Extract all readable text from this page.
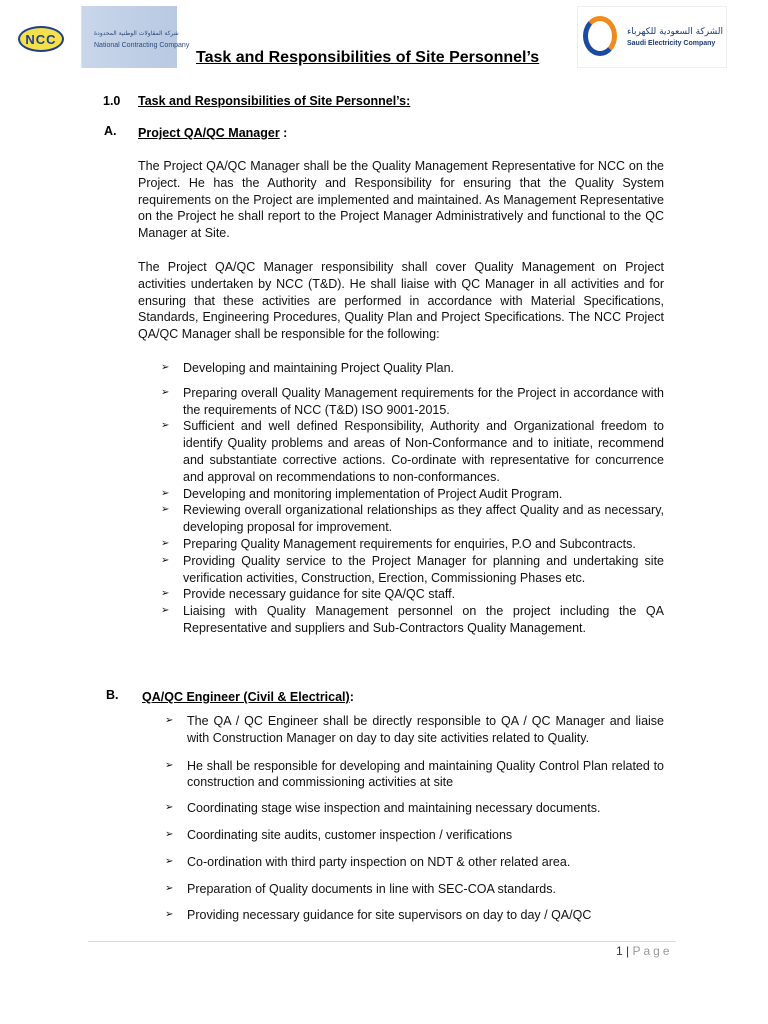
NCC	شركة المقاولات الوطنية المحدودة
National Contracting Company
الشركة السعودية للكهرباء
Saudi Electricity Company
Task and Responsibilities of Site Personnel’s
1.0 Task and Responsibilities of Site Personnel’s:
A. Project QA/QC Manager :
The Project QA/QC Manager shall be the Quality Management Representative for NCC on the Project. He has the Authority and Responsibility for ensuring that the Quality System requirements on the Project are implemented and maintained. As Management Representative on the Project he shall report to the Project Manager Administratively and functional to the QC Manager at Site.
The Project QA/QC Manager responsibility shall cover Quality Management on Project activities undertaken by NCC (T&D). He shall liaise with QC Manager in all activities and for ensuring that these activities are performed in accordance with Material Specifications, Standards, Engineering Procedures, Quality Plan and Project Specifications. The NCC Project QA/QC Manager shall be responsible for the following:
➢ Developing and maintaining Project Quality Plan.
➢ Preparing overall Quality Management requirements for the Project in accordance with the requirements of NCC (T&D) ISO 9001-2015.
➢ Sufficient and well defined Responsibility, Authority and Organizational freedom to identify Quality problems and areas of Non-Conformance and to initiate, recommend and substantiate corrective actions. Co-ordinate with representative for concurrence and approval on recommendations to non-conformances.
➢ Developing and monitoring implementation of Project Audit Program.
➢ Reviewing overall organizational relationships as they affect Quality and as necessary, developing proposal for improvement.
➢ Preparing Quality Management requirements for enquiries, P.O and Subcontracts.
➢ Providing Quality service to the Project Manager for planning and undertaking site verification activities, Construction, Erection, Commissioning Phases etc.
➢ Provide necessary guidance for site QA/QC staff.
➢ Liaising with Quality Management personnel on the project including the QA Representative and suppliers and Sub-Contractors Quality Management.
B. QA/QC Engineer (Civil & Electrical):
➢ The QA / QC Engineer shall be directly responsible to QA / QC Manager and liaise with Construction Manager on day to day site activities related to Quality.
➢ He shall be responsible for developing and maintaining Quality Control Plan related to construction and commissioning activities at site
➢ Coordinating stage wise inspection and maintaining necessary documents.
➢ Coordinating site audits, customer inspection / verifications
➢ Co-ordination with third party inspection on NDT & other related area.
➢ Preparation of Quality documents in line with SEC-COA standards.
➢ Providing necessary guidance for site supervisors on day to day / QA/QC
1 | Page
